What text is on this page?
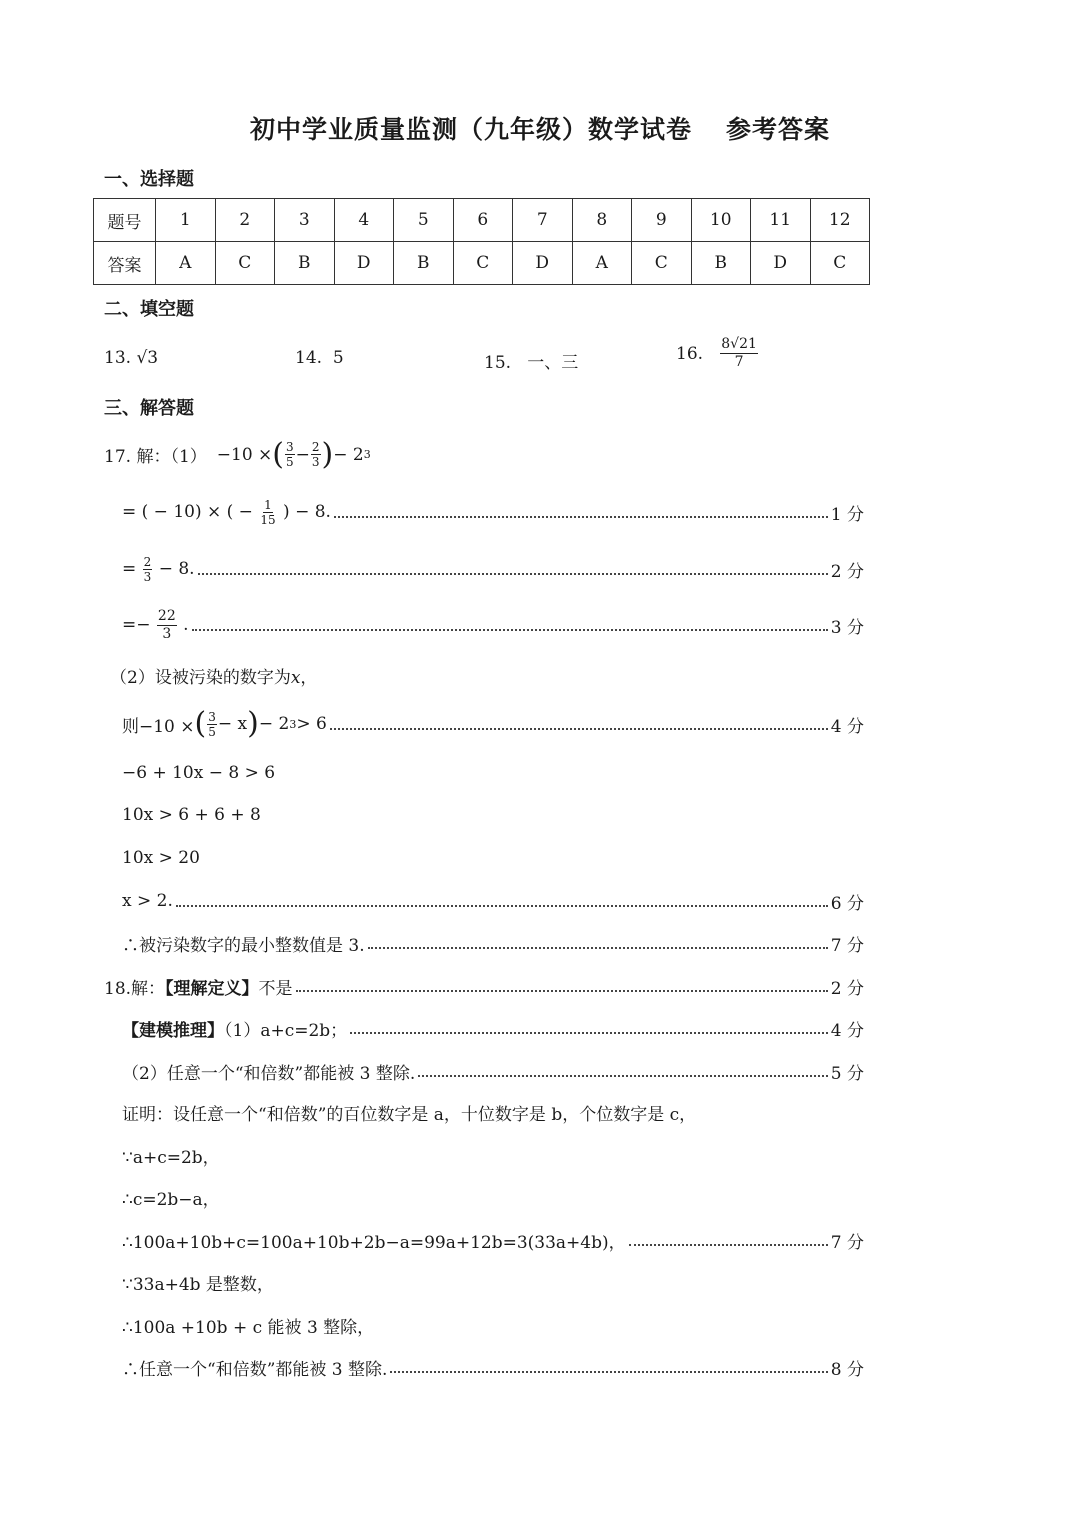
初中学业质量监测（九年级）数学试卷 参考答案
一、选择题
题号	1	2	3	4	5	6	7	8	9	10	11	12
答案	A	C	B	D	B	C	D	A	C	B	D	C
二、填空题
13. √3	14. 5	15. 一、三	16.
$\frac{8√21}{7}$
三、解答题
17. 解：（1） −10 × ( $\frac{3}{5} - \frac{2}{3}$ ) − 2 3
= ( − 10) × ( − $\frac{1}{15}$ ) − 8.	1 分
= $\frac{2}{3} - 8$.	2 分
=− $\frac{22}{3}$ .	3 分
（2）设被污染的数字为x，
则−10 × ( $\frac{3}{5} - x$ ) − 2 3 > 6	4 分
−6 + 10x − 8 > 6
10x > 6 + 6 + 8
10x > 20
x > 2.	6 分
∴被污染数字的最小整数值是 3.	7 分
18.解：【理解定义】不是	2 分
【建模推理】（1）a+c=2b；	4 分
（2）任意一个“和倍数”都能被 3 整除.	5 分
证明：设任意一个“和倍数”的百位数字是 a，十位数字是 b，个位数字是 c，
∵a+c=2b，
∴c=2b−a，
∴100a+10b+c=100a+10b+2b−a=99a+12b=3(33a+4b)，	7 分
∵33a+4b 是整数，
∴100a +10b + c 能被 3 整除，
∴任意一个“和倍数”都能被 3 整除.	8 分
